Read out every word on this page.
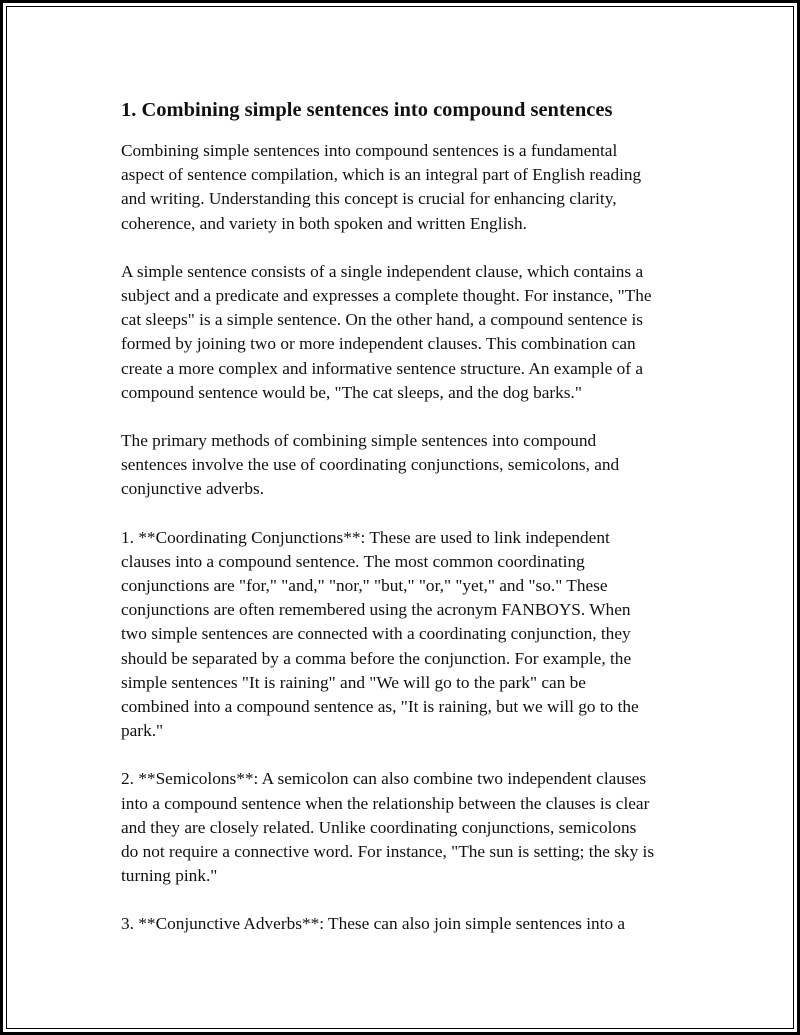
1. Combining simple sentences into compound sentences

Combining simple sentences into compound sentences is a fundamental
aspect of sentence compilation, which is an integral part of English reading
and writing. Understanding this concept is crucial for enhancing clarity,
coherence, and variety in both spoken and written English.

A simple sentence consists of a single independent clause, which contains a
subject and a predicate and expresses a complete thought. For instance, "The
cat sleeps" is a simple sentence. On the other hand, a compound sentence is
formed by joining two or more independent clauses. This combination can
create a more complex and informative sentence structure. An example of a
compound sentence would be, "The cat sleeps, and the dog barks."

The primary methods of combining simple sentences into compound
sentences involve the use of coordinating conjunctions, semicolons, and
conjunctive adverbs.

1. **Coordinating Conjunctions**: These are used to link independent
clauses into a compound sentence. The most common coordinating
conjunctions are "for," "and," "nor," "but," "or," "yet," and "so." These
conjunctions are often remembered using the acronym FANBOYS. When
two simple sentences are connected with a coordinating conjunction, they
should be separated by a comma before the conjunction. For example, the
simple sentences "It is raining" and "We will go to the park" can be
combined into a compound sentence as, "It is raining, but we will go to the
park."

2. **Semicolons**: A semicolon can also combine two independent clauses
into a compound sentence when the relationship between the clauses is clear
and they are closely related. Unlike coordinating conjunctions, semicolons
do not require a connective word. For instance, "The sun is setting; the sky is
turning pink."

3. **Conjunctive Adverbs**: These can also join simple sentences into a
